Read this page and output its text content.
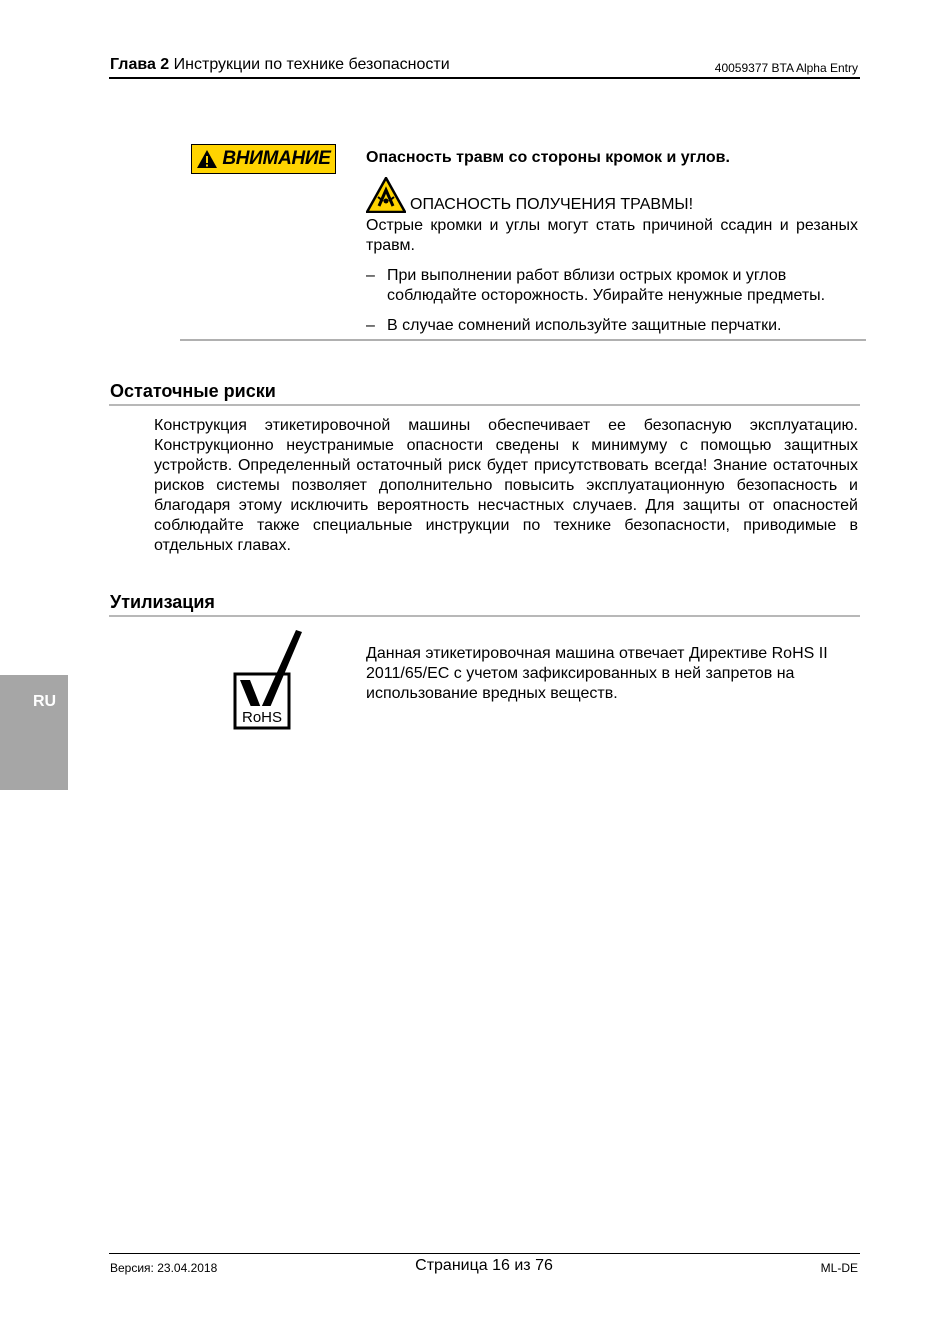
Глава 2 Инструкции по технике безопасности	40059377 BTA Alpha Entry
ВНИМАНИЕ Опасность травм со стороны кромок и углов.
ОПАСНОСТЬ ПОЛУЧЕНИЯ ТРАВМЫ!
Острые кромки и углы могут стать причиной ссадин и резаных травм.
– При выполнении работ вблизи острых кромок и углов соблюдайте осторожность. Убирайте ненужные предметы.
– В случае сомнений используйте защитные перчатки.
Остаточные риски
Конструкция этикетировочной машины обеспечивает ее безопасную эксплуатацию. Конструкционно неустранимые опасности сведены к минимуму с помощью защитных устройств. Определенный остаточный риск будет присутствовать всегда! Знание остаточных рисков системы позволяет дополнительно повысить эксплуатационную безопасность и благодаря этому исключить вероятность несчастных случаев. Для защиты от опасностей соблюдайте также специальные инструкции по технике безопасности, приводимые в отдельных главах.
Утилизация
RoHS
Данная этикетировочная машина отвечает Директиве RoHS II 2011/65/EC с учетом зафиксированных в ней запретов на использование вредных веществ.
RU
Версия: 23.04.2018	Страница 16 из 76	ML-DE
